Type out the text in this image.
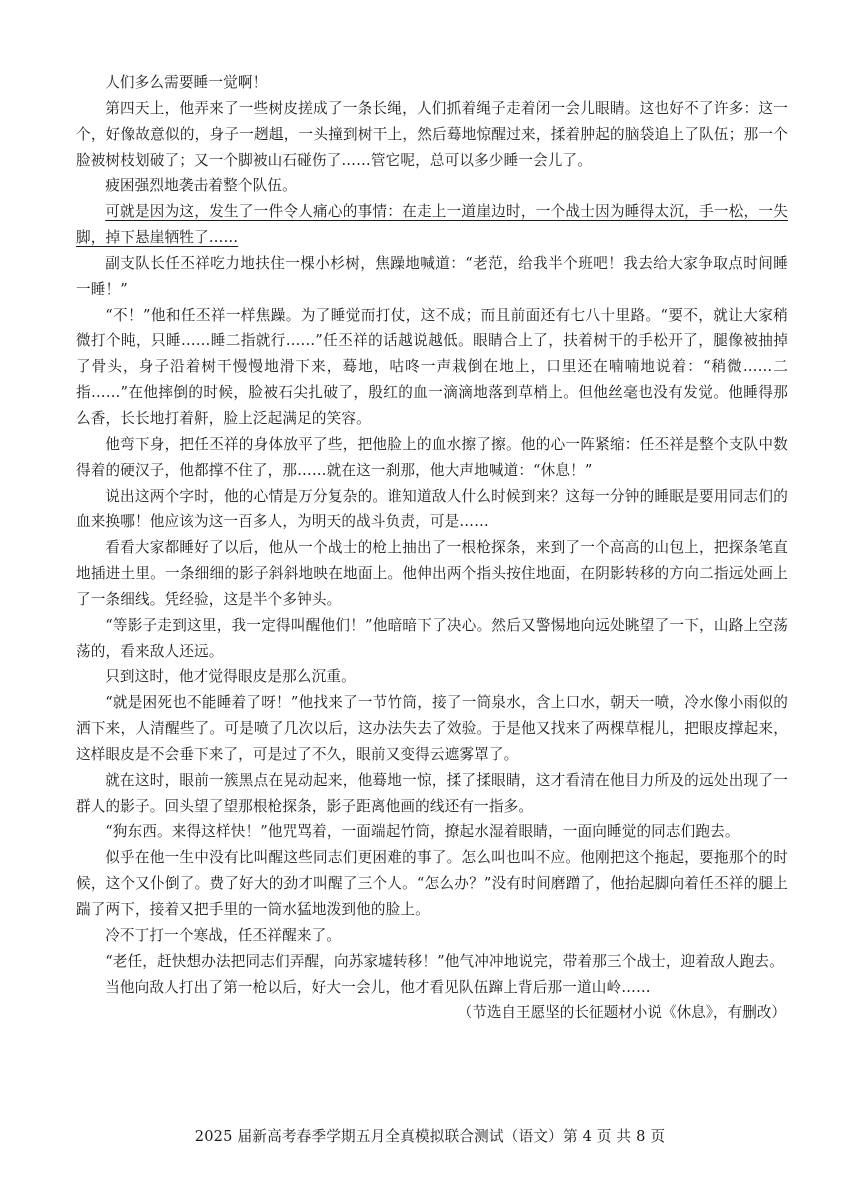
人们多么需要睡一觉啊！

第四天上，他弄来了一些树皮搓成了一条长绳，人们抓着绳子走着闭一会儿眼睛。这也好不了许多：这一个，好像故意似的，身子一趔趄，一头撞到树干上，然后蓦地惊醒过来，揉着肿起的脑袋追上了队伍；那一个脸被树枝划破了；又一个脚被山石碰伤了……管它呢，总可以多少睡一会儿了。

疲困强烈地袭击着整个队伍。

可就是因为这，发生了一件令人痛心的事情：在走上一道崖边时，一个战士因为睡得太沉，手一松，一失脚，掉下悬崖牺牲了……

副支队长任丕祥吃力地扶住一棵小杉树，焦躁地喊道：“老范，给我半个班吧！我去给大家争取点时间睡一睡！”

“不！”他和任丕祥一样焦躁。为了睡觉而打仗，这不成；而且前面还有七八十里路。“要不，就让大家稍微打个盹，只睡……睡二指就行……”任丕祥的话越说越低。眼睛合上了，扶着树干的手松开了，腿像被抽掉了骨头，身子沿着树干慢慢地滑下来，蓦地，咕咚一声栽倒在地上，口里还在喃喃地说着：“稍微……二指……”在他摔倒的时候，脸被石尖扎破了，殷红的血一滴滴地落到草梢上。但他丝毫也没有发觉。他睡得那么香，长长地打着鼾，脸上泛起满足的笑容。

他弯下身，把任丕祥的身体放平了些，把他脸上的血水擦了擦。他的心一阵紧缩：任丕祥是整个支队中数得着的硬汉子，他都撑不住了，那……就在这一刹那，他大声地喊道：“休息！”

说出这两个字时，他的心情是万分复杂的。谁知道敌人什么时候到来？这每一分钟的睡眠是要用同志们的血来换哪！他应该为这一百多人，为明天的战斗负责，可是……

看看大家都睡好了以后，他从一个战士的枪上抽出了一根枪探条，来到了一个高高的山包上，把探条笔直地插进土里。一条细细的影子斜斜地映在地面上。他伸出两个指头按住地面，在阴影转移的方向二指远处画上了一条细线。凭经验，这是半个多钟头。

“等影子走到这里，我一定得叫醒他们！”他暗暗下了决心。然后又警惕地向远处眺望了一下，山路上空荡荡的，看来敌人还远。

只到这时，他才觉得眼皮是那么沉重。

“就是困死也不能睡着了呀！”他找来了一节竹筒，接了一筒泉水，含上口水，朝天一喷，冷水像小雨似的洒下来，人清醒些了。可是喷了几次以后，这办法失去了效验。于是他又找来了两棵草棍儿，把眼皮撑起来，这样眼皮是不会垂下来了，可是过了不久，眼前又变得云遮雾罩了。

就在这时，眼前一簇黑点在晃动起来，他蓦地一惊，揉了揉眼睛，这才看清在他目力所及的远处出现了一群人的影子。回头望了望那根枪探条，影子距离他画的线还有一指多。

“狗东西。来得这样快！”他咒骂着，一面端起竹筒，撩起水湿着眼睛，一面向睡觉的同志们跑去。

似乎在他一生中没有比叫醒这些同志们更困难的事了。怎么叫也叫不应。他刚把这个拖起，要拖那个的时候，这个又仆倒了。费了好大的劲才叫醒了三个人。“怎么办？”没有时间磨蹭了，他抬起脚向着任丕祥的腿上踹了两下，接着又把手里的一筒水猛地泼到他的脸上。

冷不丁打一个寒战，任丕祥醒来了。

“老任，赶快想办法把同志们弄醒，向苏家墟转移！”他气冲冲地说完，带着那三个战士，迎着敌人跑去。

当他向敌人打出了第一枪以后，好大一会儿，他才看见队伍蹿上背后那一道山岭……

（节选自王愿坚的长征题材小说《休息》，有删改）

2025 届新高考春季学期五月全真模拟联合测试（语文）第 4 页 共 8 页
